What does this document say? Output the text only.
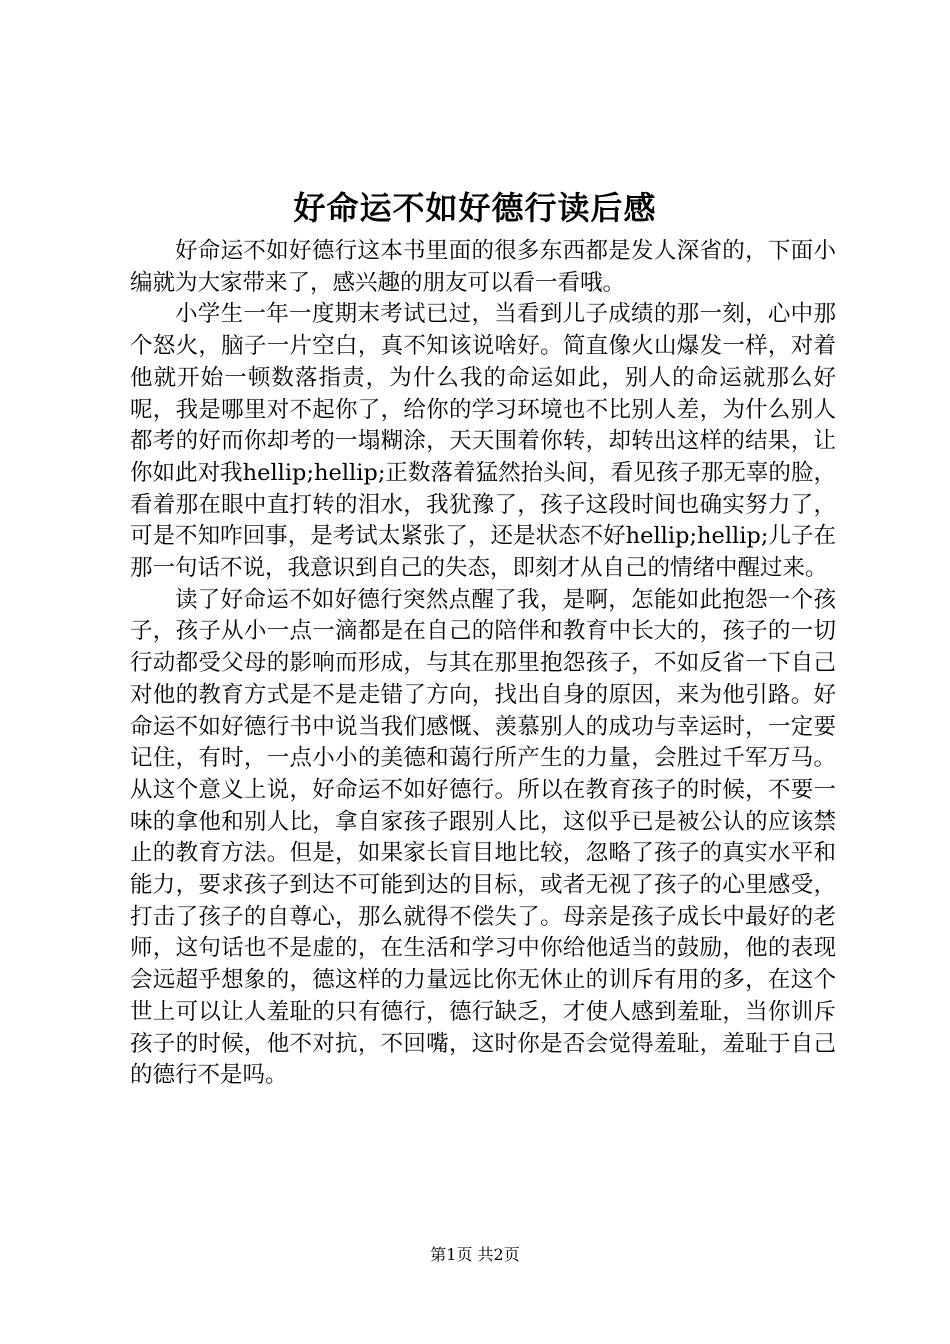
好命运不如好德行读后感

好命运不如好德行这本书里面的很多东西都是发人深省的，下面小编就为大家带来了，感兴趣的朋友可以看一看哦。

小学生一年一度期末考试已过，当看到儿子成绩的那一刻，心中那个怒火，脑子一片空白，真不知该说啥好。简直像火山爆发一样，对着他就开始一顿数落指责，为什么我的命运如此，别人的命运就那么好呢，我是哪里对不起你了，给你的学习环境也不比别人差，为什么别人都考的好而你却考的一塌糊涂，天天围着你转，却转出这样的结果，让你如此对我hellip;hellip;正数落着猛然抬头间，看见孩子那无辜的脸，看着那在眼中直打转的泪水，我犹豫了，孩子这段时间也确实努力了，可是不知咋回事，是考试太紧张了，还是状态不好hellip;hellip;儿子在那一句话不说，我意识到自己的失态，即刻才从自己的情绪中醒过来。

读了好命运不如好德行突然点醒了我，是啊，怎能如此抱怨一个孩子，孩子从小一点一滴都是在自己的陪伴和教育中长大的，孩子的一切行动都受父母的影响而形成，与其在那里抱怨孩子，不如反省一下自己对他的教育方式是不是走错了方向，找出自身的原因，来为他引路。好命运不如好德行书中说当我们感慨、羡慕别人的成功与幸运时，一定要记住，有时，一点小小的美德和蔼行所产生的力量，会胜过千军万马。从这个意义上说，好命运不如好德行。所以在教育孩子的时候，不要一味的拿他和别人比，拿自家孩子跟别人比，这似乎已是被公认的应该禁止的教育方法。但是，如果家长盲目地比较，忽略了孩子的真实水平和能力，要求孩子到达不可能到达的目标，或者无视了孩子的心里感受，打击了孩子的自尊心，那么就得不偿失了。母亲是孩子成长中最好的老师，这句话也不是虚的，在生活和学习中你给他适当的鼓励，他的表现会远超乎想象的，德这样的力量远比你无休止的训斥有用的多，在这个世上可以让人羞耻的只有德行，德行缺乏，才使人感到羞耻，当你训斥孩子的时候，他不对抗，不回嘴，这时你是否会觉得羞耻，羞耻于自己的德行不是吗。

第1页 共2页
